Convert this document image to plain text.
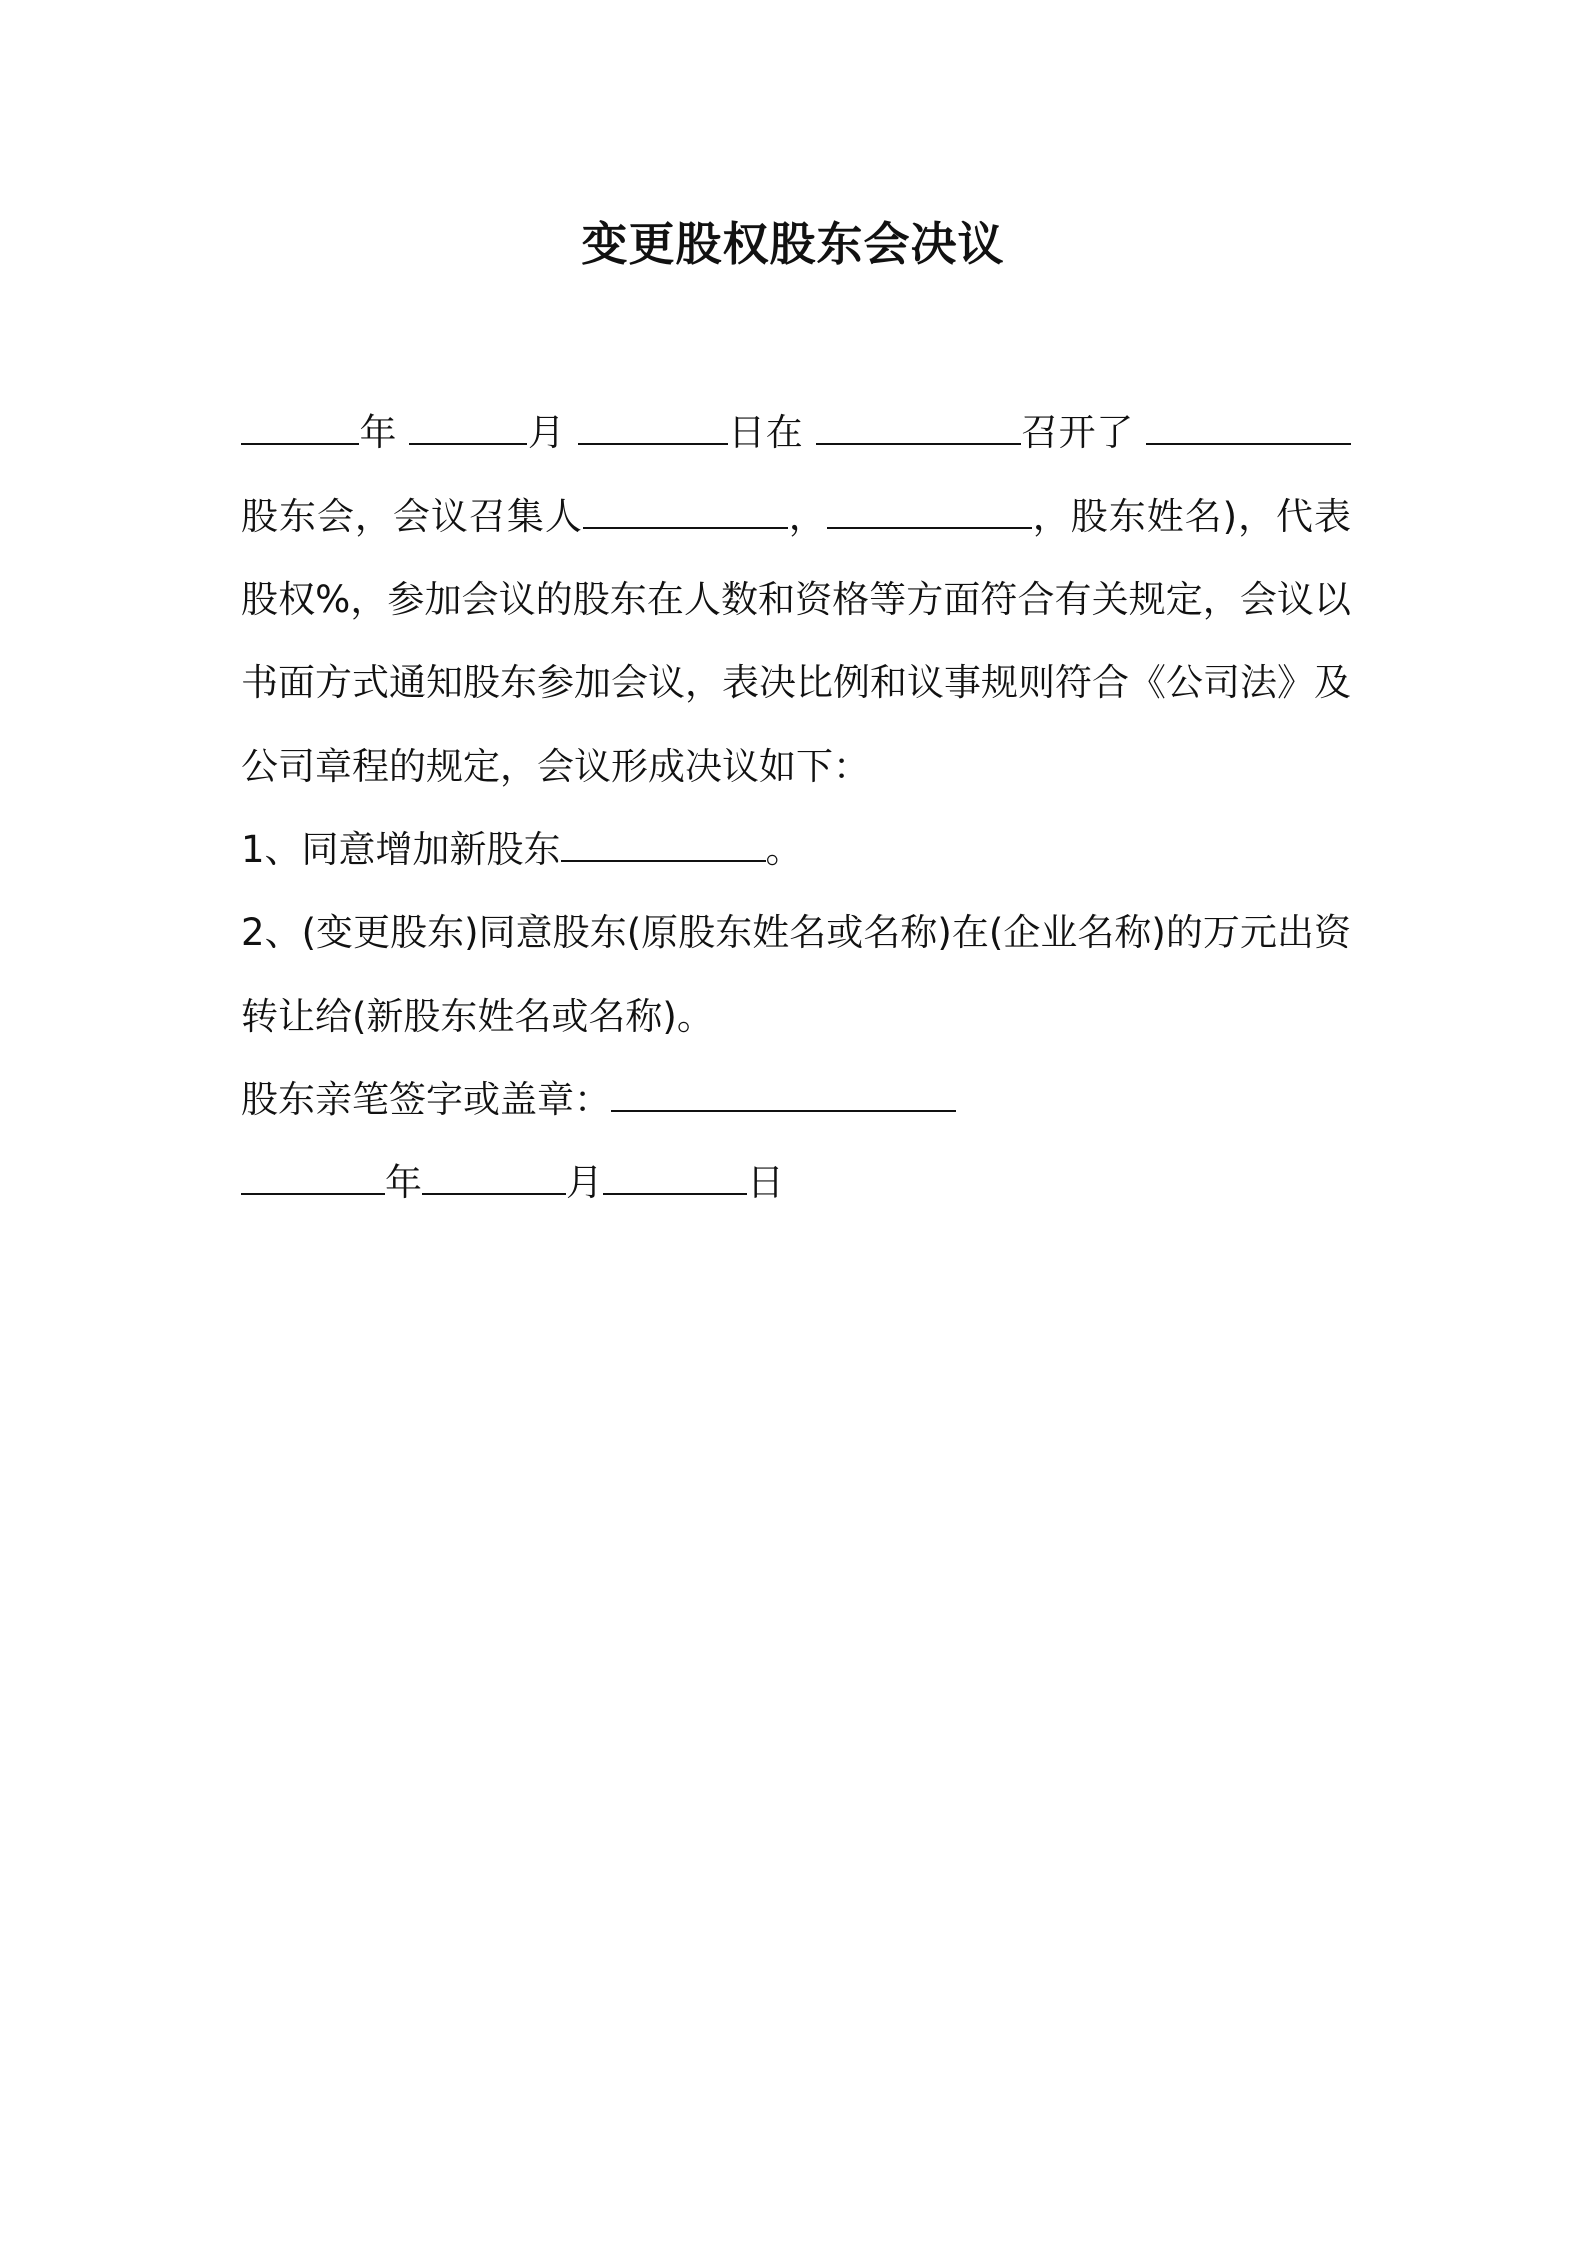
变更股权股东会决议
年	月	日在	召开了
股东会，会议召集人	，	，股东姓名)，代表
股权%，参加会议的股东在人数和资格等方面符合有关规定，会议以
书面方式通知股东参加会议，表决比例和议事规则符合《公司法》及
公司章程的规定，会议形成决议如下：
1、同意增加新股东	。
2、(变更股东)同意股东(原股东姓名或名称)在(企业名称)的万元出资
转让给(新股东姓名或名称)。
股东亲笔签字或盖章：
年	月	日
